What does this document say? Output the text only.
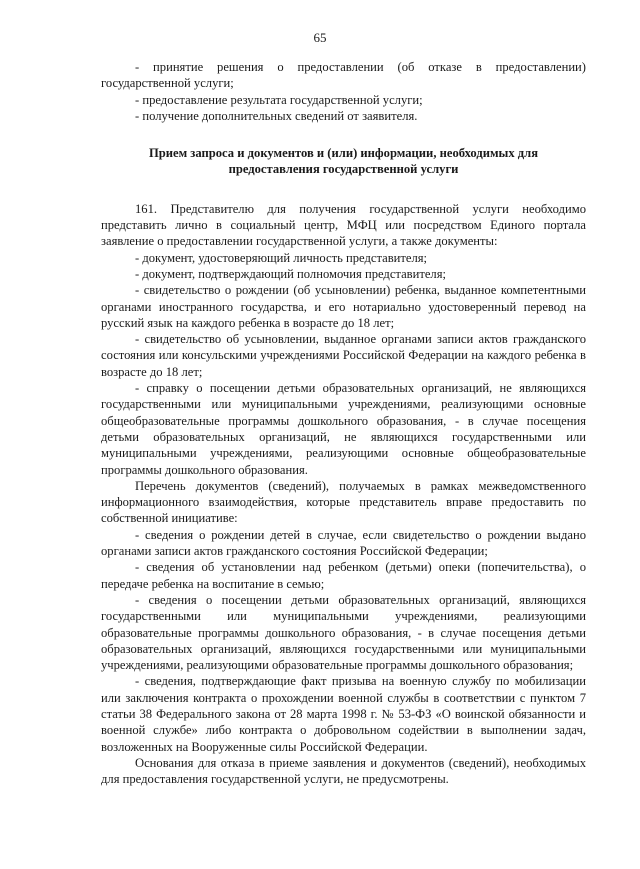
65

- принятие решения о предоставлении (об отказе в предоставлении) государственной услуги;

- предоставление результата государственной услуги;

- получение дополнительных сведений от заявителя.

Прием запроса и документов и (или) информации, необходимых для предоставления государственной услуги

161. Представителю для получения государственной услуги необходимо представить лично в социальный центр, МФЦ или посредством Единого портала заявление о предоставлении государственной услуги, а также документы:

- документ, удостоверяющий личность представителя;

- документ, подтверждающий полномочия представителя;

- свидетельство о рождении (об усыновлении) ребенка, выданное компетентными органами иностранного государства, и его нотариально удостоверенный перевод на русский язык на каждого ребенка в возрасте до 18 лет;

- свидетельство об усыновлении, выданное органами записи актов гражданского состояния или консульскими учреждениями Российской Федерации на каждого ребенка в возрасте до 18 лет;

- справку о посещении детьми образовательных организаций, не являющихся государственными или муниципальными учреждениями, реализующими основные общеобразовательные программы дошкольного образования, - в случае посещения детьми образовательных организаций, не являющихся государственными или муниципальными учреждениями, реализующими основные общеобразовательные программы дошкольного образования.

Перечень документов (сведений), получаемых в рамках межведомственного информационного взаимодействия, которые представитель вправе предоставить по собственной инициативе:

- сведения о рождении детей в случае, если свидетельство о рождении выдано органами записи актов гражданского состояния Российской Федерации;

- сведения об установлении над ребенком (детьми) опеки (попечительства), о передаче ребенка на воспитание в семью;

- сведения о посещении детьми образовательных организаций, являющихся государственными или муниципальными учреждениями, реализующими образовательные программы дошкольного образования, - в случае посещения детьми образовательных организаций, являющихся государственными или муниципальными учреждениями, реализующими образовательные программы дошкольного образования;

- сведения, подтверждающие факт призыва на военную службу по мобилизации или заключения контракта о прохождении военной службы в соответствии с пунктом 7 статьи 38 Федерального закона от 28 марта 1998 г. № 53-ФЗ «О воинской обязанности и военной службе» либо контракта о добровольном содействии в выполнении задач, возложенных на Вооруженные силы Российской Федерации.

Основания для отказа в приеме заявления и документов (сведений), необходимых для предоставления государственной услуги, не предусмотрены.
